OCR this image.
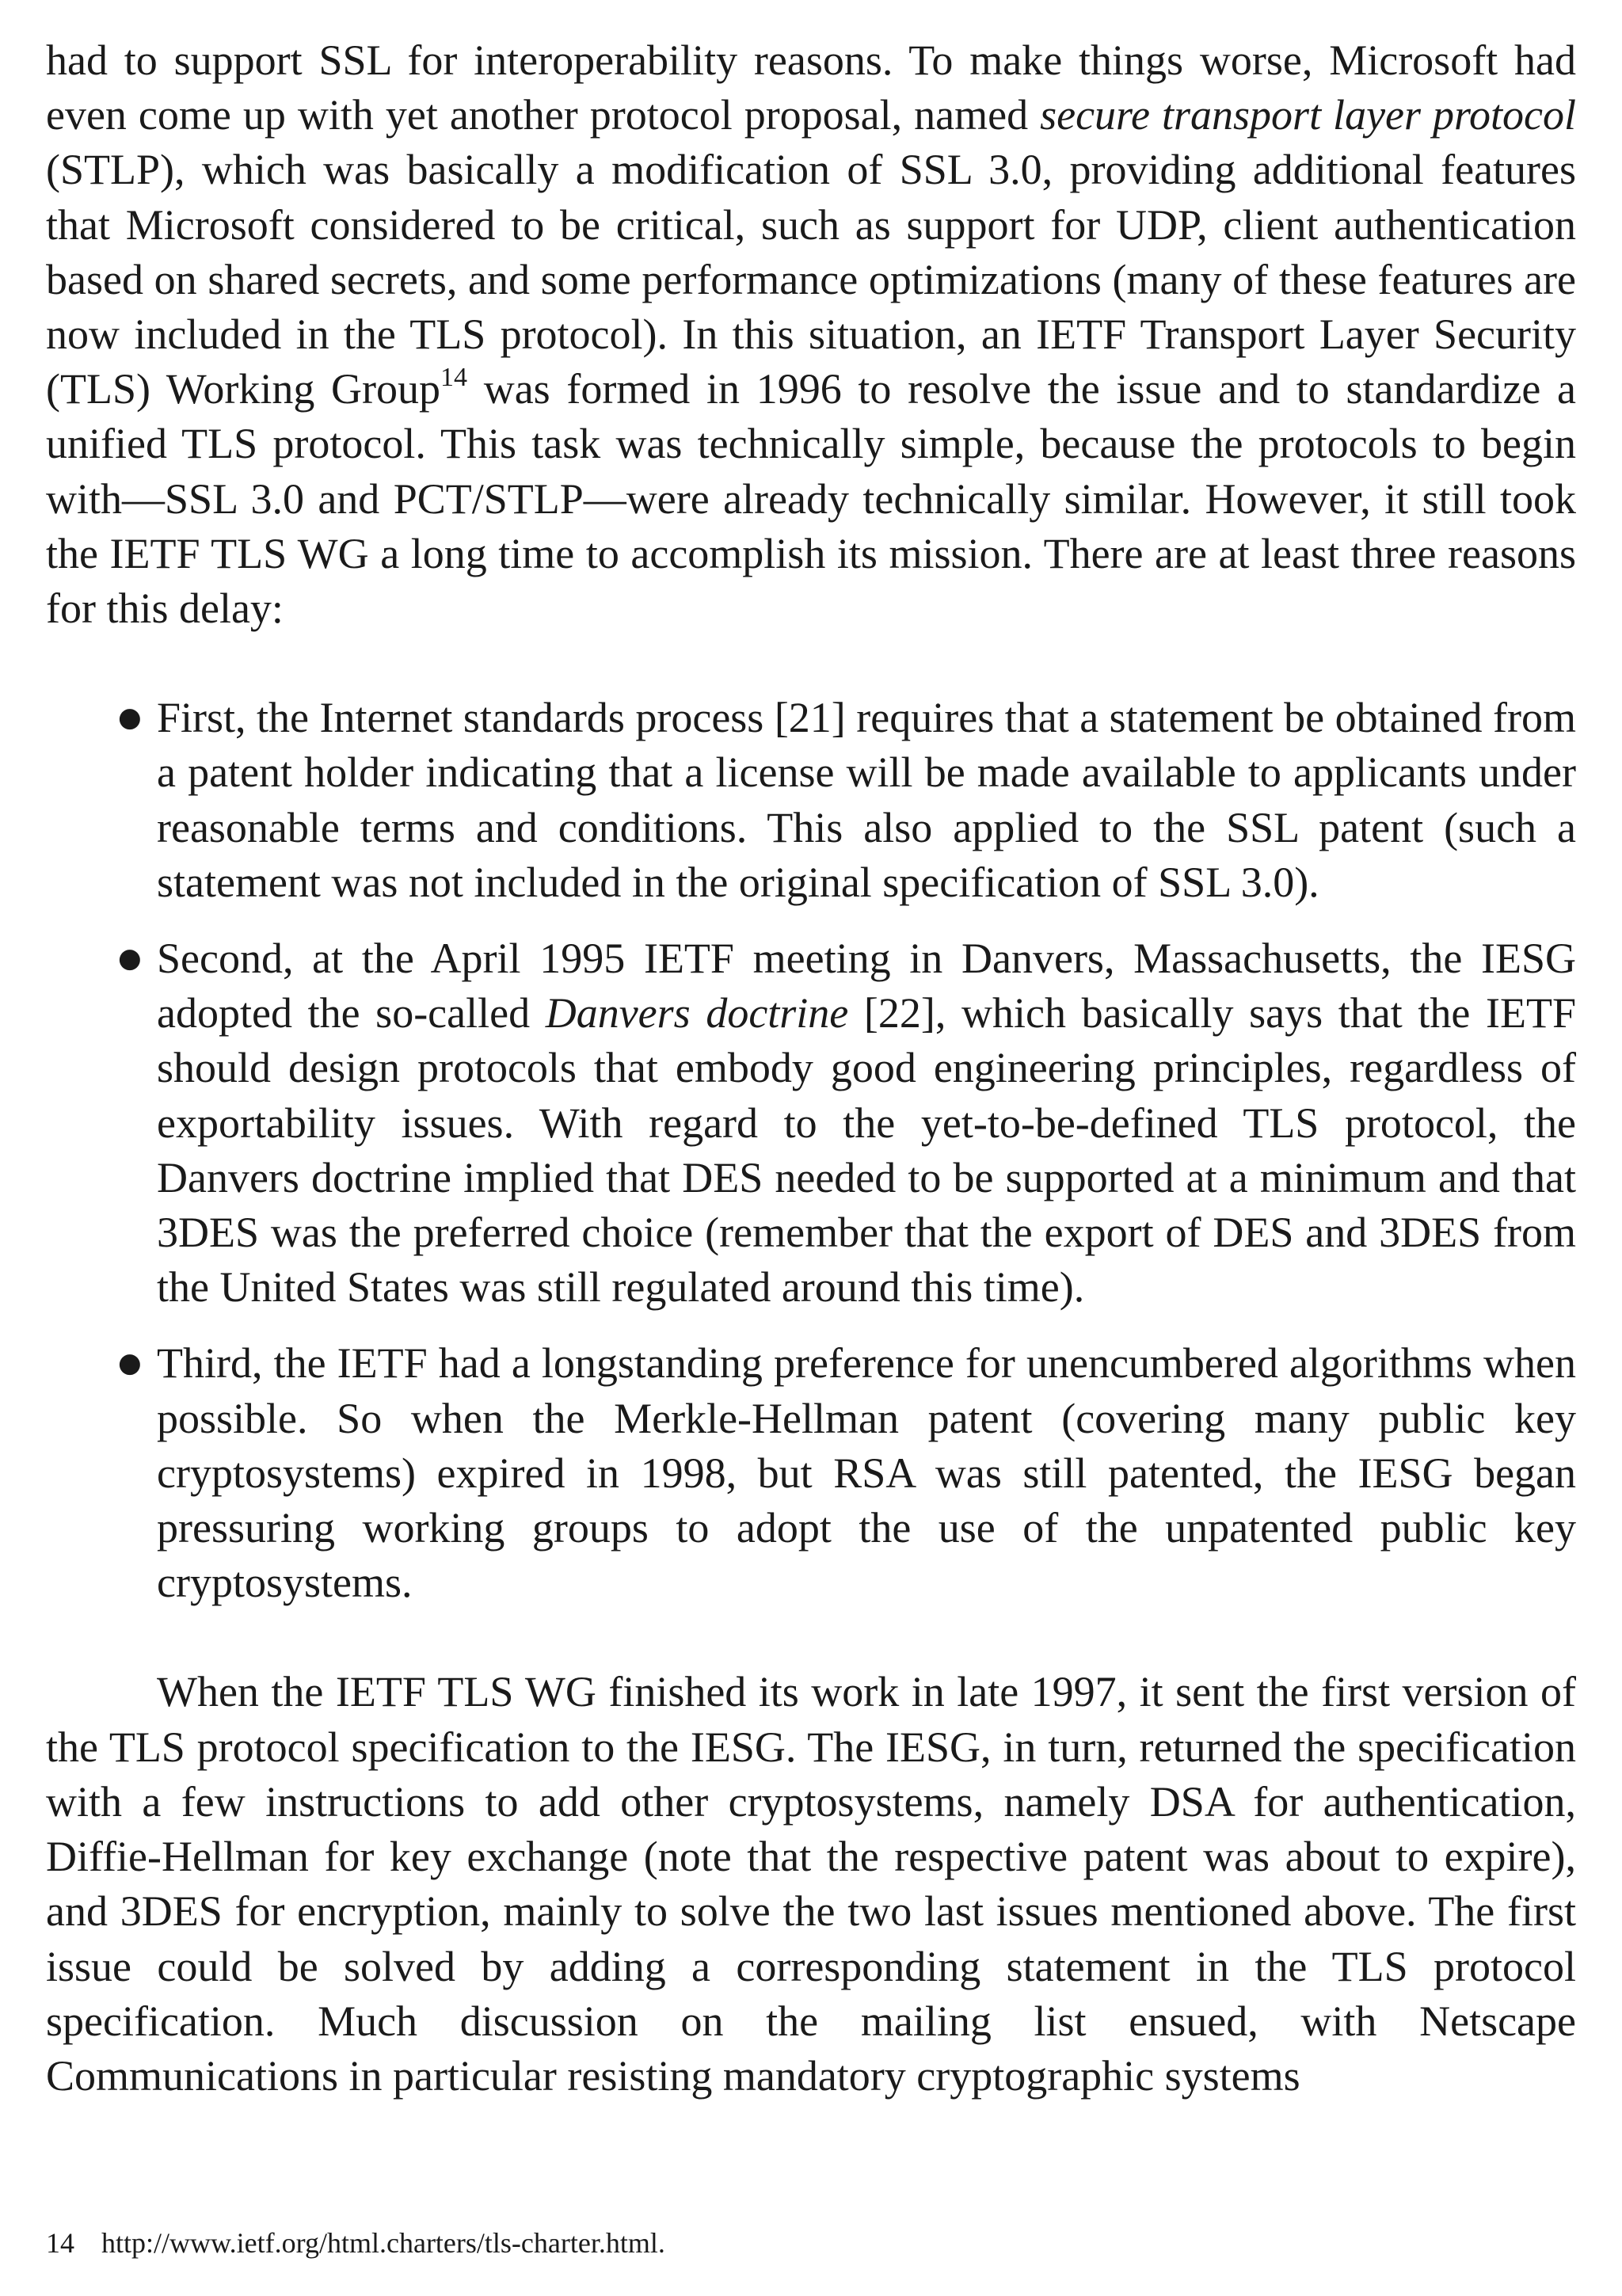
had to support SSL for interoperability reasons. To make things worse, Microsoft had even come up with yet another protocol proposal, named secure transport layer protocol (STLP), which was basically a modification of SSL 3.0, providing additional features that Microsoft considered to be critical, such as support for UDP, client authentication based on shared secrets, and some performance optimizations (many of these features are now included in the TLS protocol). In this situation, an IETF Transport Layer Security (TLS) Working Group$^{14}$ was formed in 1996 to resolve the issue and to standardize a unified TLS protocol. This task was technically simple, because the protocols to begin with—SSL 3.0 and PCT/STLP—were already technically similar. However, it still took the IETF TLS WG a long time to accomplish its mission. There are at least three reasons for this delay:

● First, the Internet standards process [21] requires that a statement be obtained from a patent holder indicating that a license will be made available to applicants under reasonable terms and conditions. This also applied to the SSL patent (such a statement was not included in the original specification of SSL 3.0).
● Second, at the April 1995 IETF meeting in Danvers, Massachusetts, the IESG adopted the so-called Danvers doctrine [22], which basically says that the IETF should design protocols that embody good engineering principles, regardless of exportability issues. With regard to the yet-to-be-defined TLS protocol, the Danvers doctrine implied that DES needed to be supported at a minimum and that 3DES was the preferred choice (remember that the export of DES and 3DES from the United States was still regulated around this time).
● Third, the IETF had a longstanding preference for unencumbered algorithms when possible. So when the Merkle-Hellman patent (covering many public key cryptosystems) expired in 1998, but RSA was still patented, the IESG began pressuring working groups to adopt the use of the unpatented public key cryptosystems.

When the IETF TLS WG finished its work in late 1997, it sent the first version of the TLS protocol specification to the IESG. The IESG, in turn, returned the specification with a few instructions to add other cryptosystems, namely DSA for authentication, Diffie-Hellman for key exchange (note that the respective patent was about to expire), and 3DES for encryption, mainly to solve the two last issues mentioned above. The first issue could be solved by adding a corresponding statement in the TLS protocol specification. Much discussion on the mailing list ensued, with Netscape Communications in particular resisting mandatory cryptographic systems

14 http://www.ietf.org/html.charters/tls-charter.html.
